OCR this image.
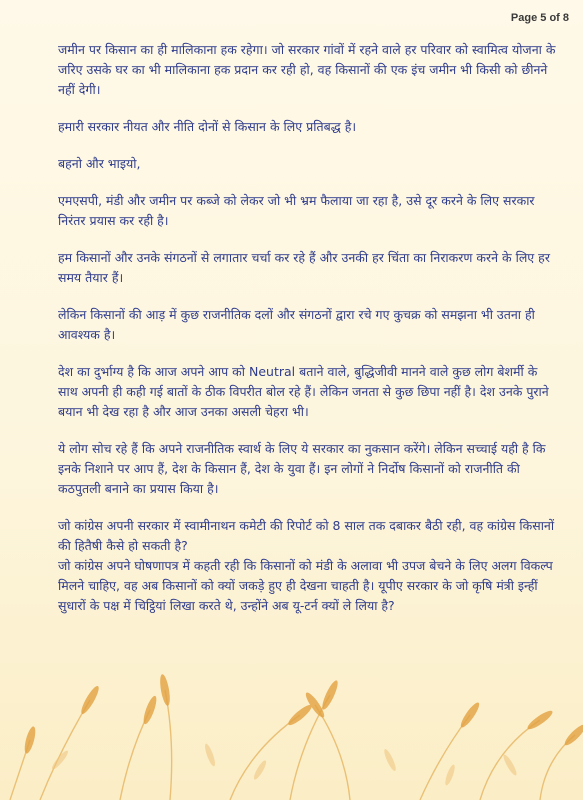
Page 5 of 8

जमीन पर किसान का ही मालिकाना हक रहेगा। जो सरकार गांवों में रहने वाले हर परिवार को स्वामित्व योजना के जरिए उसके घर का भी मालिकाना हक प्रदान कर रही हो, वह किसानों की एक इंच जमीन भी किसी को छीनने नहीं देगी।

हमारी सरकार नीयत और नीति दोनों से किसान के लिए प्रतिबद्ध है।

बहनो और भाइयो,

एमएसपी, मंडी और जमीन पर कब्जे को लेकर जो भी भ्रम फैलाया जा रहा है, उसे दूर करने के लिए सरकार निरंतर प्रयास कर रही है।

हम किसानों और उनके संगठनों से लगातार चर्चा कर रहे हैं और उनकी हर चिंता का निराकरण करने के लिए हर समय तैयार हैं।

लेकिन किसानों की आड़ में कुछ राजनीतिक दलों और संगठनों द्वारा रचे गए कुचक्र को समझना भी उतना ही आवश्यक है।

देश का दुर्भाग्य है कि आज अपने आप को Neutral बताने वाले, बुद्धिजीवी मानने वाले कुछ लोग बेशर्मी के साथ अपनी ही कही गई बातों के ठीक विपरीत बोल रहे हैं। लेकिन जनता से कुछ छिपा नहीं है। देश उनके पुराने बयान भी देख रहा है और आज उनका असली चेहरा भी।

ये लोग सोच रहे हैं कि अपने राजनीतिक स्वार्थ के लिए ये सरकार का नुकसान करेंगे। लेकिन सच्चाई यही है कि इनके निशाने पर आप हैं, देश के किसान हैं, देश के युवा हैं। इन लोगों ने निर्दोष किसानों को राजनीति की कठपुतली बनाने का प्रयास किया है।

जो कांग्रेस अपनी सरकार में स्वामीनाथन कमेटी की रिपोर्ट को 8 साल तक दबाकर बैठी रही, वह कांग्रेस किसानों की हितैषी कैसे हो सकती है?

जो कांग्रेस अपने घोषणापत्र में कहती रही कि किसानों को मंडी के अलावा भी उपज बेचने के लिए अलग विकल्प मिलने चाहिए, वह अब किसानों को क्यों जकड़े हुए ही देखना चाहती है। यूपीए सरकार के जो कृषि मंत्री इन्हीं सुधारों के पक्ष में चिट्ठियां लिखा करते थे, उन्होंने अब यू-टर्न क्यों ले लिया है?
